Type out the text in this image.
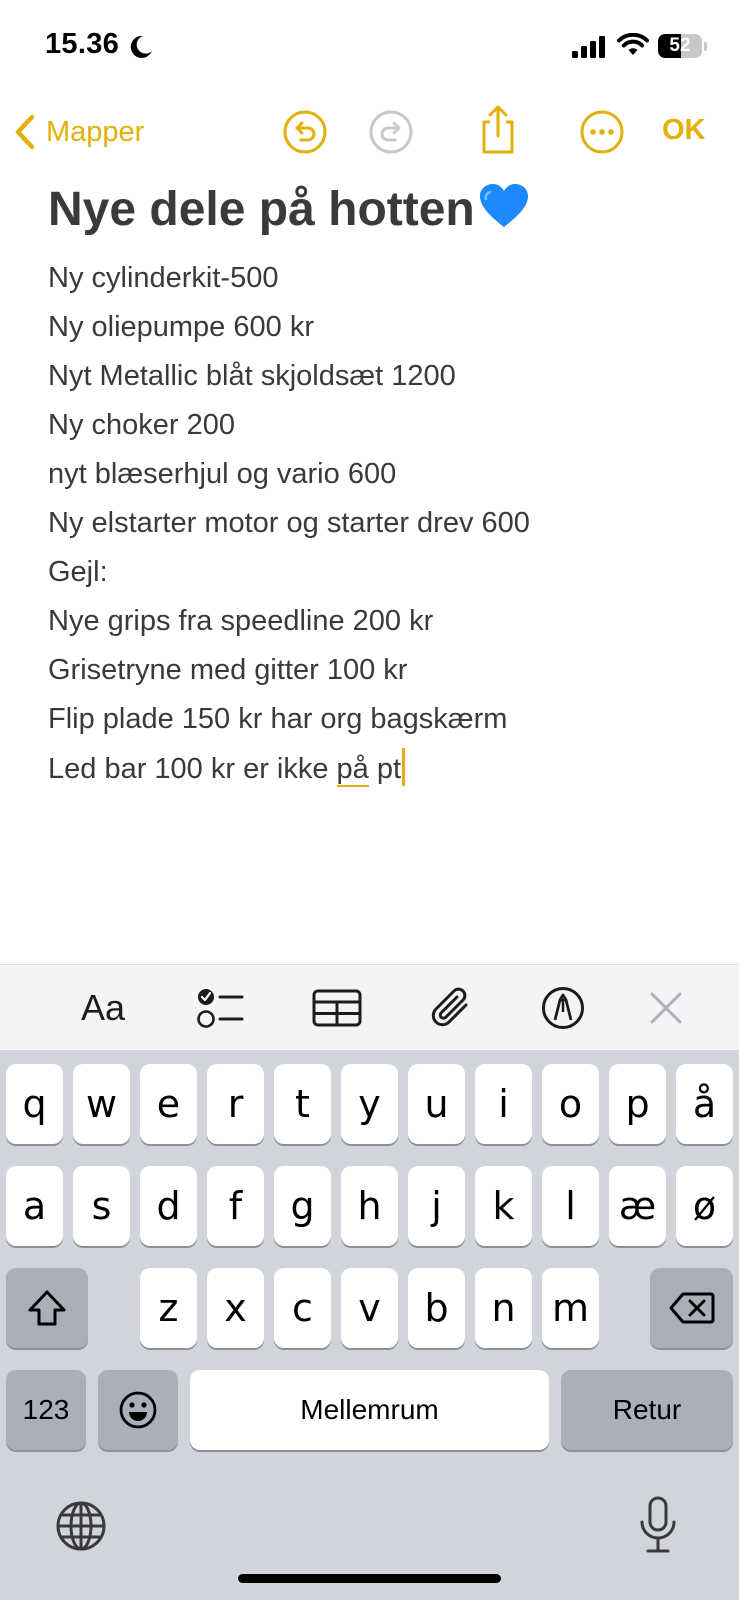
15.36	52
Mapper	OK
Nye dele på hotten
Ny cylinderkit-500
Ny oliepumpe 600 kr
Nyt Metallic blåt skjoldsæt 1200
Ny choker 200
nyt blæserhjul og vario 600
Ny elstarter motor og starter drev 600
Gejl:
Nye grips fra speedline 200 kr
Grisetryne med gitter 100 kr
Flip plade 150 kr har org bagskærm
Led bar 100 kr er ikke på pt
Aa
q	w	e	r	t	y	u	i	o	p	å
a	s	d	f	g	h	j	k	l	æ ø
z	x	c	v	b	n m
123	Mellemrum	Retur
